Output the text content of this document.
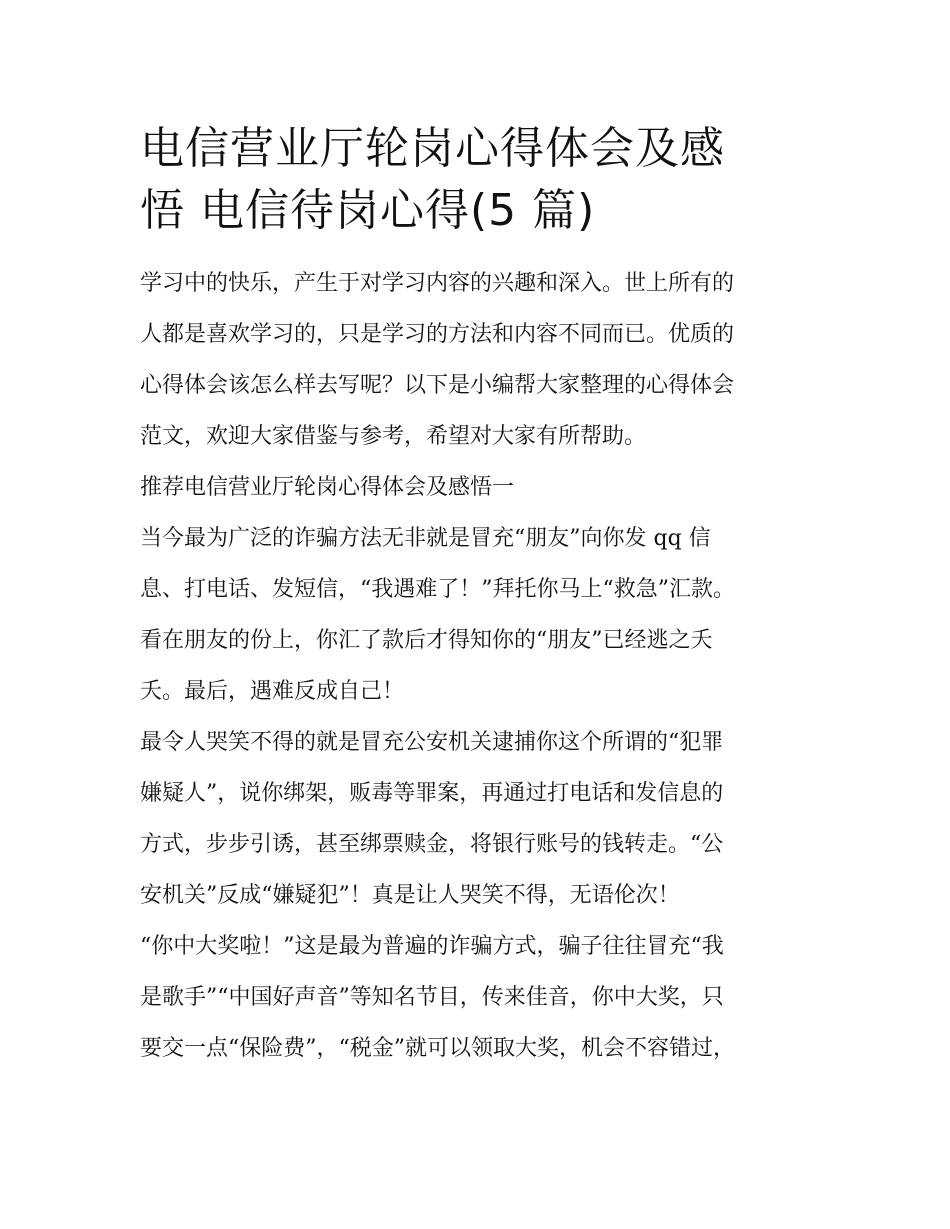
电信营业厅轮岗心得体会及感
悟 电信待岗心得(5 篇)

学习中的快乐，产生于对学习内容的兴趣和深入。世上所有的
人都是喜欢学习的，只是学习的方法和内容不同而已。优质的
心得体会该怎么样去写呢？以下是小编帮大家整理的心得体会
范文，欢迎大家借鉴与参考，希望对大家有所帮助。

推荐电信营业厅轮岗心得体会及感悟一

当今最为广泛的诈骗方法无非就是冒充“朋友”向你发 qq 信
息、打电话、发短信，“我遇难了！”拜托你马上“救急”汇款。
看在朋友的份上，你汇了款后才得知你的“朋友”已经逃之夭
夭。最后，遇难反成自己！

最令人哭笑不得的就是冒充公安机关逮捕你这个所谓的“犯罪
嫌疑人”，说你绑架，贩毒等罪案，再通过打电话和发信息的
方式，步步引诱，甚至绑票赎金，将银行账号的钱转走。“公
安机关”反成“嫌疑犯”！真是让人哭笑不得，无语伦次！

“你中大奖啦！”这是最为普遍的诈骗方式，骗子往往冒充“我
是歌手”“中国好声音”等知名节目，传来佳音，你中大奖，只
要交一点“保险费”，“税金”就可以领取大奖，机会不容错过，
